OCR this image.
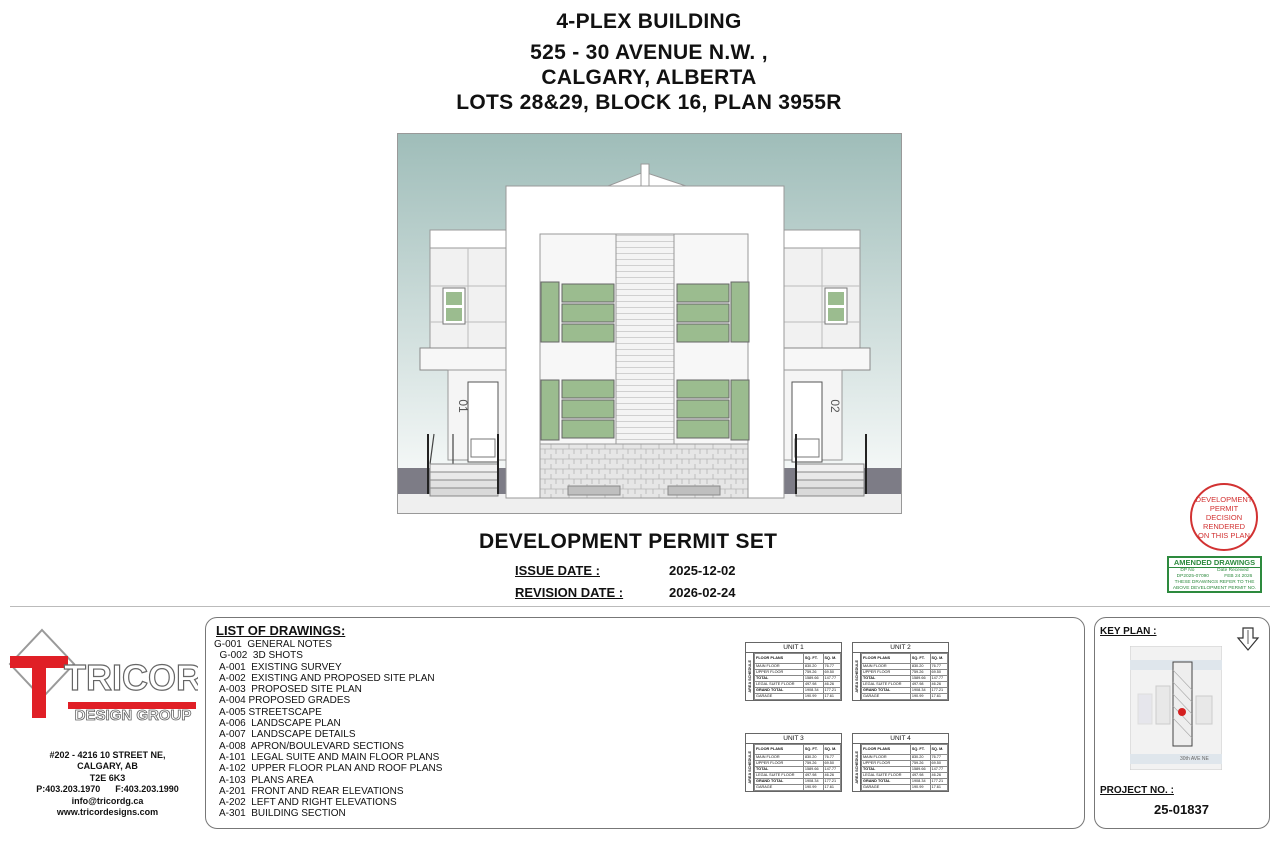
4-PLEX BUILDING
525 - 30 AVENUE N.W. ,
CALGARY, ALBERTA
LOTS 28&29, BLOCK 16, PLAN 3955R
01	02
DEVELOPMENT PERMIT SET
ISSUE DATE :	2025-12-02
REVISION DATE :	2026-02-24
DEVELOPMENT
PERMIT
DECISION
RENDERED
ON THIS PLAN
AMENDED DRAWINGS
DP No	Date Received
DP2025-07090	FEB 24 2026
THESE DRAWINGS REFER TO THE
ABOVE DEVELOPMENT PERMIT NO.
TRICOR
DESIGN GROUP
#202 - 4216 10 STREET NE,
CALGARY, AB
T2E 6K3
P:403.203.1970      F:403.203.1990
info@tricordg.ca
www.tricordesigns.com
LIST OF DRAWINGS:
G-001  GENERAL NOTES
G-002  3D SHOTS
A-001  EXISTING SURVEY
A-002  EXISTING AND PROPOSED SITE PLAN
A-003  PROPOSED SITE PLAN
A-004 PROPOSED GRADES
A-005 STREETSCAPE
A-006  LANDSCAPE PLAN
A-007  LANDSCAPE DETAILS
A-008  APRON/BOULEVARD SECTIONS
A-101  LEGAL SUITE AND MAIN FLOOR PLANS
A-102  UPPER FLOOR PLAN AND ROOF PLANS
A-103  PLANS AREA
A-201  FRONT AND REAR ELEVATIONS
A-202  LEFT AND RIGHT ELEVATIONS
A-301  BUILDING SECTION
UNIT 1
AREA SCHEDULE
FLOOR PLANS	SQ. FT.	SQ. M.
MAIN FLOOR	830.20	76.77
UPPER FLOOR	759.26	69.50
TOTAL	1589.66	147.77
LEGAL SUITE FLOOR	497.98	46.26
GRAND TOTAL	1908.34	177.21
GARAGE	190.99	17.61
UNIT 2
AREA SCHEDULE
FLOOR PLANS	SQ. FT.	SQ. M.
MAIN FLOOR	830.20	76.77
UPPER FLOOR	759.26	69.50
TOTAL	1589.66	147.77
LEGAL SUITE FLOOR	497.98	46.26
GRAND TOTAL	1908.34	177.21
GARAGE	190.99	17.61
UNIT 3
AREA SCHEDULE
FLOOR PLANS	SQ. FT.	SQ. M.
MAIN FLOOR	830.20	76.77
UPPER FLOOR	759.26	69.50
TOTAL	1589.66	147.77
LEGAL SUITE FLOOR	497.98	46.26
GRAND TOTAL	1908.34	177.21
GARAGE	190.99	17.61
UNIT 4
AREA SCHEDULE
FLOOR PLANS	SQ. FT.	SQ. M.
MAIN FLOOR	830.20	76.77
UPPER FLOOR	759.26	69.50
TOTAL	1589.66	147.77
LEGAL SUITE FLOOR	497.98	46.26
GRAND TOTAL	1908.34	177.21
GARAGE	190.99	17.61
KEY PLAN :
30th AVE NE
PROJECT NO. :
25-01837
